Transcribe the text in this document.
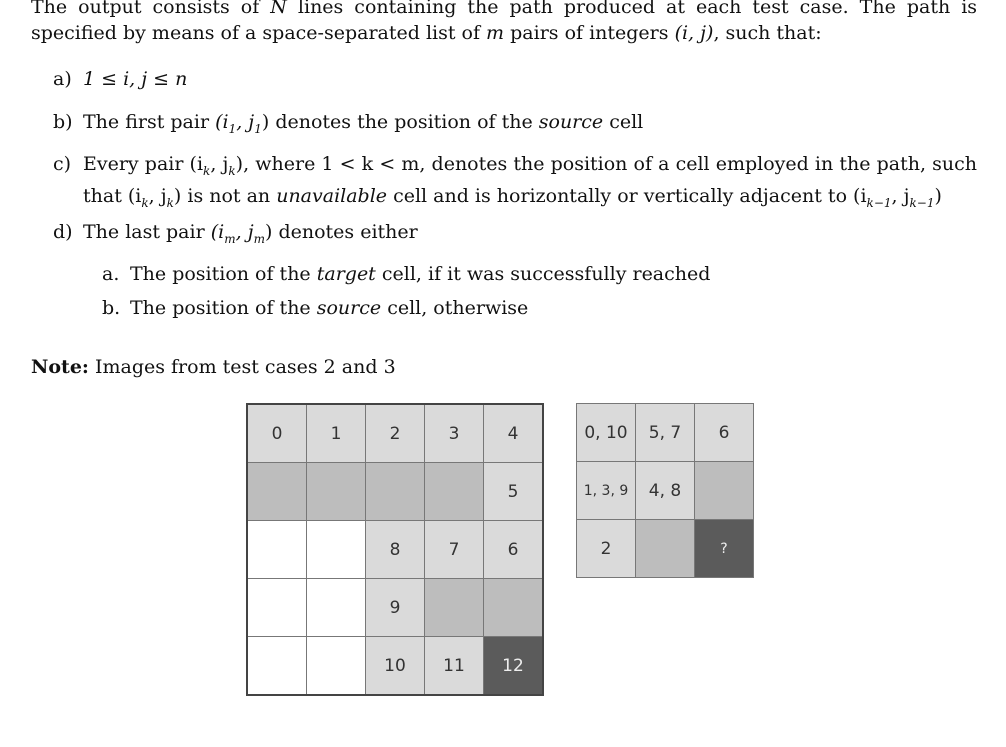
The output consists of N lines containing the path produced at each test case. The path is specified by means of a space-separated list of m pairs of integers (i, j), such that:
a) 1 ≤ i, j ≤ n
b) The first pair ($i_1$, $j_1$) denotes the position of the source cell
c) Every pair ($i_k$, $j_k$), where 1 < k < m, denotes the position of a cell employed in the path, such that ($i_k$, $j_k$) is not an unavailable cell and is horizontally or vertically adjacent to ($i_{k-1}$, $j_{k-1}$)
d) The last pair ($i_m$, $j_m$) denotes either
a. The position of the target cell, if it was successfully reached
b. The position of the source cell, otherwise
Note: Images from test cases 2 and 3
0	1	2	3	4
				5
		8	7	6
		9		
		10	11	12
0, 10	5, 7	6
1, 3, 9	4, 8	
2		?
